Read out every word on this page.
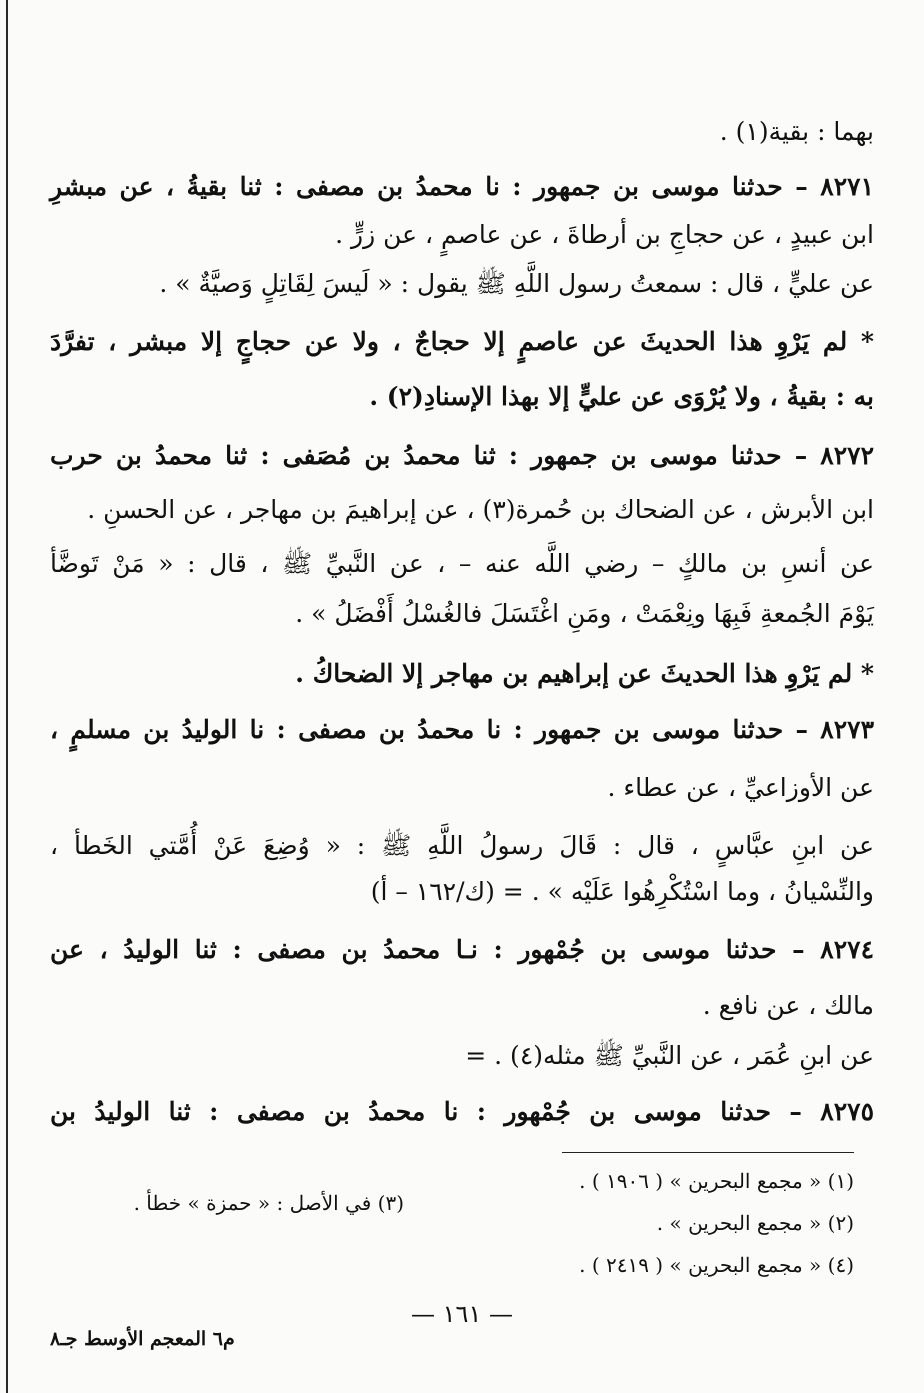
بهما : بقية(١) .
٨٢٧١ – حدثنا موسى بن جمهور : نا محمدُ بن مصفى : ثنا بقيةُ ، عن مبشرِ
ابن عبيدٍ ، عن حجاجِ بن أرطاةَ ، عن عاصمٍ ، عن زرٍّ .
عن عليٍّ ، قال : سمعتُ رسول اللَّهِ ﷺ يقول : « لَيسَ لِقَاتِلٍ وَصيَّةٌ » .
* لم يَرْوِ هذا الحديثَ عن عاصمٍ إلا حجاجٌ ، ولا عن حجاجٍ إلا مبشر ، تفرَّدَ
به : بقيةُ ، ولا يُرْوَى عن عليٍّ إلا بهذا الإسنادِ(٢) .
٨٢٧٢ – حدثنا موسى بن جمهور : ثنا محمدُ بن مُصَفى : ثنا محمدُ بن حرب
ابن الأبرش ، عن الضحاك بن حُمرة(٣) ، عن إبراهيمَ بن مهاجر ، عن الحسنِ .
عن أنسِ بن مالكٍ – رضي اللَّه عنه – ، عن النَّبيِّ ﷺ ، قال : « مَنْ تَوضَّأ
يَوْمَ الجُمعةِ فَبِهَا ونِعْمَتْ ، ومَنِ اغْتَسَلَ فالغُسْلُ أَفْضَلُ » .
* لم يَرْوِ هذا الحديثَ عن إبراهيم بن مهاجر إلا الضحاكُ .
٨٢٧٣ – حدثنا موسى بن جمهور : نا محمدُ بن مصفى : نا الوليدُ بن مسلمٍ ،
عن الأوزاعيِّ ، عن عطاء .
عن ابنِ عبَّاسٍ ، قال : قَالَ رسولُ اللَّهِ ﷺ : « وُضِعَ عَنْ أُمَّتي الخَطأ ،
والنِّسْيانُ ، وما اسْتُكْرِهُوا عَلَيْه » . = (ك/١٦٢ – أ)
٨٢٧٤ – حدثنا موسى بن جُمْهور : نـا محمدُ بن مصفى : ثنا الوليدُ ، عن
مالك ، عن نافع .
عن ابنِ عُمَر ، عن النَّبيِّ ﷺ مثله(٤) . =
٨٢٧٥ – حدثنا موسى بن جُمْهور : نا محمدُ بن مصفى : ثنا الوليدُ بن
(١) « مجمع البحرين » ( ١٩٠٦ ) .
(٢) « مجمع البحرين » .
(٤) « مجمع البحرين » ( ٢٤١٩ ) .
(٣) في الأصل : « حمزة » خطأ .
— ١٦١ —
م٦ المعجم الأوسط جـ٨
